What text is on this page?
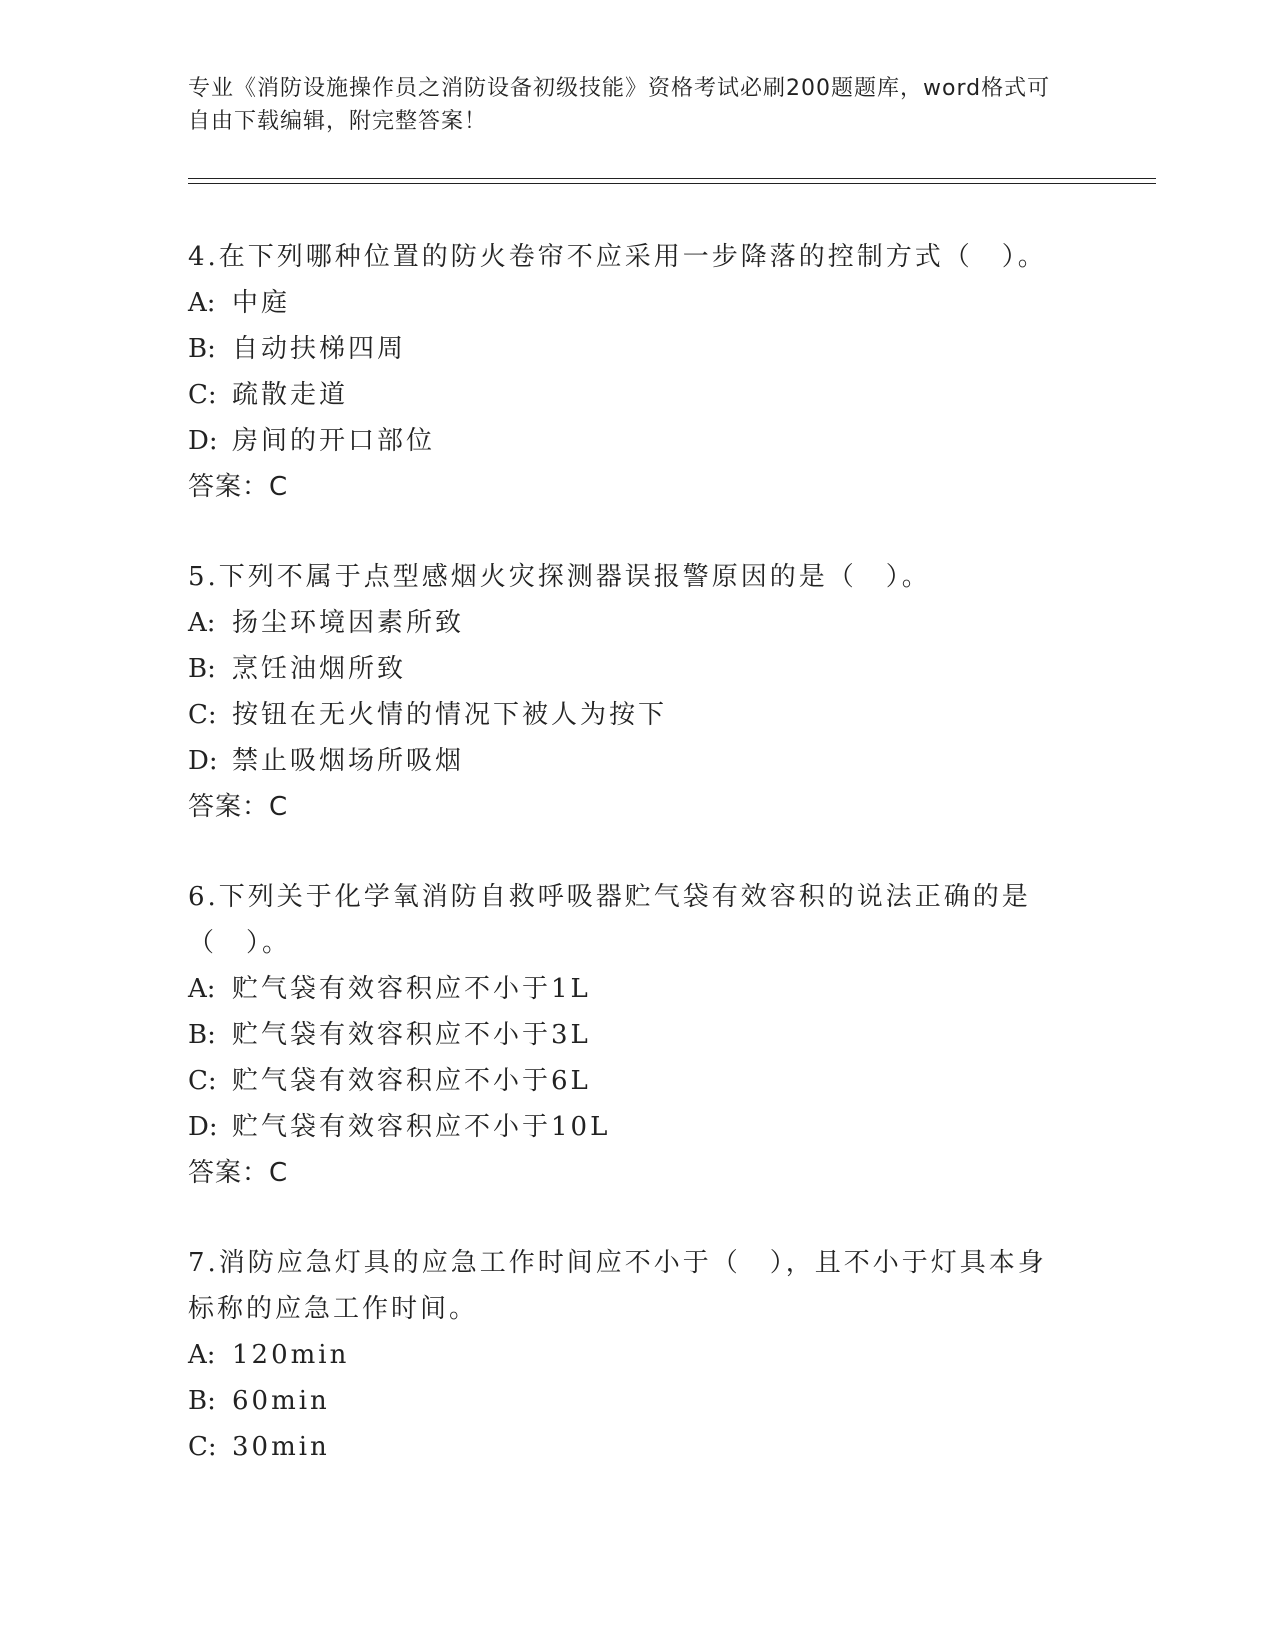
专业《消防设施操作员之消防设备初级技能》资格考试必刷200题题库，word格式可自由下载编辑，附完整答案！

4.在下列哪种位置的防火卷帘不应采用一步降落的控制方式（　）。

A: 中庭

B: 自动扶梯四周

C: 疏散走道

D: 房间的开口部位

答案：C

5.下列不属于点型感烟火灾探测器误报警原因的是（　）。

A: 扬尘环境因素所致

B: 烹饪油烟所致

C: 按钮在无火情的情况下被人为按下

D: 禁止吸烟场所吸烟

答案：C

6.下列关于化学氧消防自救呼吸器贮气袋有效容积的说法正确的是（　）。

A: 贮气袋有效容积应不小于1L

B: 贮气袋有效容积应不小于3L

C: 贮气袋有效容积应不小于6L

D: 贮气袋有效容积应不小于10L

答案：C

7.消防应急灯具的应急工作时间应不小于（　），且不小于灯具本身标称的应急工作时间。

A: 120min

B: 60min

C: 30min
